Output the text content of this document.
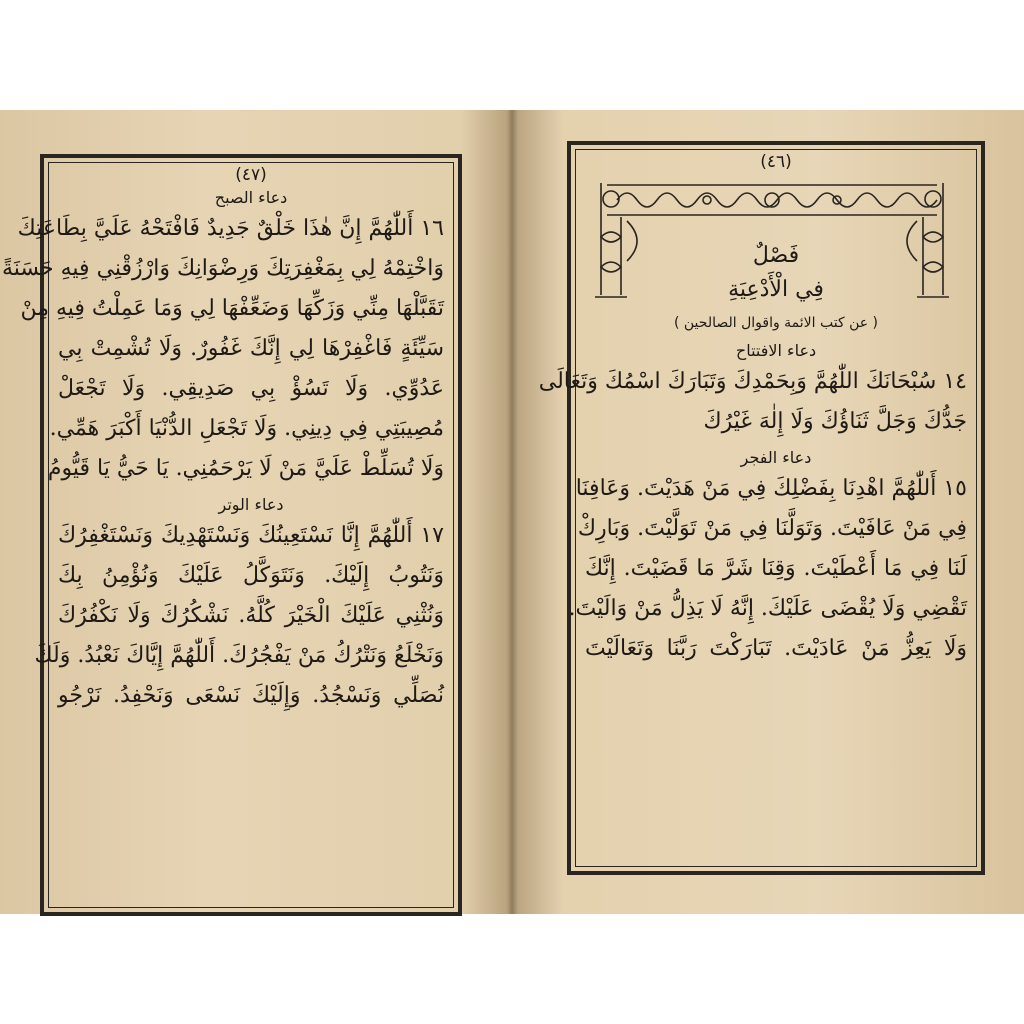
(٤٧)
دعاء الصبح
١٦ أَللّٰهُمَّ إِنَّ هٰذَا خَلْقٌ جَدِيدٌ فَافْتَحْهُ عَلَيَّ بِطَاعَتِكَ
وَاخْتِمْهُ لِي بِمَغْفِرَتِكَ وَرِضْوَانِكَ وَارْزُقْنِي فِيهِ حَسَنَةً
تَقَبَّلْهَا مِنِّي وَزَكِّهَا وَضَعِّفْهَا لِي وَمَا عَمِلْتُ فِيهِ مِنْ
سَيِّئَةٍ فَاغْفِرْهَا لِي إِنَّكَ غَفُورٌ. وَلَا تُشْمِتْ بِي
عَدُوِّي. وَلَا تَسُؤْ بِي صَدِيقِي. وَلَا تَجْعَلْ
مُصِيبَتِي فِي دِينِي. وَلَا تَجْعَلِ الدُّنْيَا أَكْبَرَ هَمِّي.
وَلَا تُسَلِّطْ عَلَيَّ مَنْ لَا يَرْحَمُنِي. يَا حَيُّ يَا قَيُّومُ
دعاء الوتر
١٧ أَللّٰهُمَّ إِنَّا نَسْتَعِينُكَ وَنَسْتَهْدِيكَ وَنَسْتَغْفِرُكَ
وَنَتُوبُ إِلَيْكَ. وَنَتَوَكَّلُ عَلَيْكَ وَنُؤْمِنُ بِكَ
وَنُثْنِي عَلَيْكَ الْخَيْرَ كُلَّهُ. نَشْكُرُكَ وَلَا نَكْفُرُكَ
وَنَخْلَعُ وَنَتْرُكُ مَنْ يَفْجُرُكَ. أَللّٰهُمَّ إِيَّاكَ نَعْبُدُ. وَلَكَ
نُصَلِّي وَنَسْجُدُ. وَإِلَيْكَ نَسْعَى وَنَحْفِدُ. نَرْجُو
(٤٦)
فَصْلٌ
فِي الْأَدْعِيَةِ
( عن كتب الائمة واقوال الصالحين )
دعاء الافتتاح
١٤ سُبْحَانَكَ اللّٰهُمَّ وَبِحَمْدِكَ وَتَبَارَكَ اسْمُكَ وَتَعَالَى
جَدُّكَ وَجَلَّ ثَنَاؤُكَ وَلَا إِلٰهَ غَيْرُكَ
دعاء الفجر
١٥ أَللّٰهُمَّ اهْدِنَا بِفَضْلِكَ فِي مَنْ هَدَيْتَ. وَعَافِنَا
فِي مَنْ عَافَيْتَ. وَتَوَلَّنَا فِي مَنْ تَوَلَّيْتَ. وَبَارِكْ
لَنَا فِي مَا أَعْطَيْتَ. وَقِنَا شَرَّ مَا قَضَيْتَ. إِنَّكَ
تَقْضِي وَلَا يُقْضَى عَلَيْكَ. إِنَّهُ لَا يَذِلُّ مَنْ وَالَيْتَ.
وَلَا يَعِزُّ مَنْ عَادَيْتَ. تَبَارَكْتَ رَبَّنَا وَتَعَالَيْتَ
